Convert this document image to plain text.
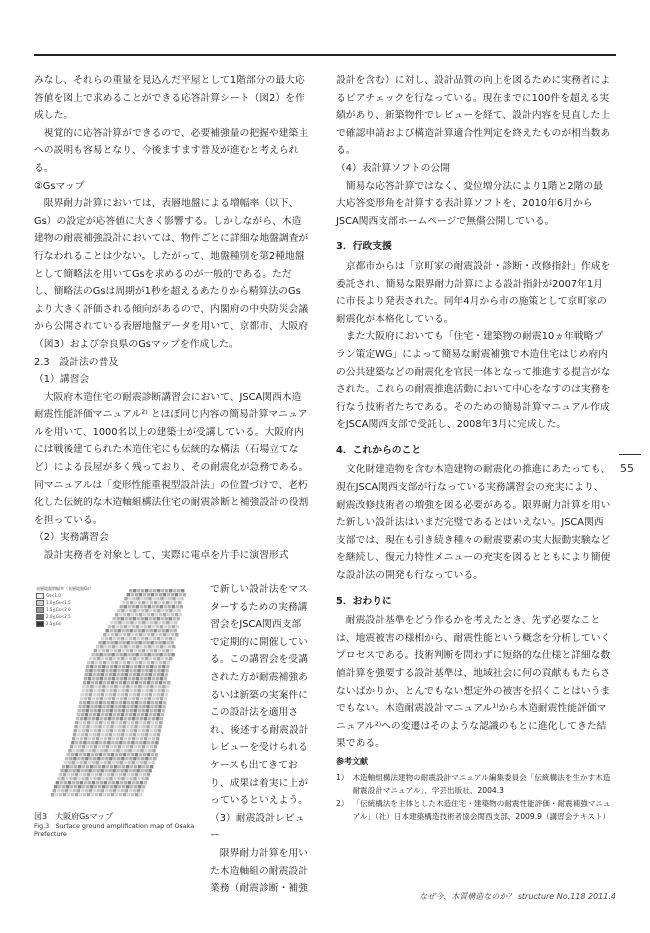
みなし、それらの重量を見込んだ平屋として1階部分の最大応答値を図上で求めることができる応答計算シート（図2）を作成した。

視覚的に応答計算ができるので、必要補強量の把握や建築主への説明も容易となり、今後ますます普及が進むと考えられる。

②Gsマップ

限界耐力計算においては、表層地盤による増幅率（以下、Gs）の設定が応答値に大きく影響する。しかしながら、木造建物の耐震補強設計においては、物件ごとに詳細な地盤調査が行なわれることは少ない。したがって、地盤種別を第2種地盤として簡略法を用いてGsを求めるのが一般的である。ただし、簡略法のGsは周期が1秒を超えるあたりから精算法のGsより大きく評価される傾向があるので、内閣府の中央防災会議から公開されている表層地盤データを用いて、京都市、大阪府（図3）および奈良県のGsマップを作成した。

2.3　設計法の普及

（1）講習会

大阪府木造住宅の耐震診断講習会において、JSCA関西木造耐震性能評価マニュアル²⁾ とほぼ同じ内容の簡易計算マニュアルを用いて、1000名以上の建築士が受講している。大阪府内には戦後建てられた木造住宅にも伝統的な構法（石場立てなど）による長屋が多く残っており、その耐震化が急務である。同マニュアルは「変形性能重視型設計法」の位置づけで、老朽化した伝統的な木造軸組構法住宅の耐震診断と補強設計の役割を担っている。

（2）実務講習会

設計実務者を対象として、実際に電卓を片手に演習形式

表層地盤増幅率（表層地盤Gs）
Gs<1.0
1.0≦Gs<1.5
1.5≦Gs<2.0
2.0≦Gs<2.5
2.5≦Gs
図3　大阪府Gsマップ
Fig.3　Surface ground amplification map of Osaka Prefecture

で新しい設計法をマスターするための実務講習会をJSCA関西支部で定期的に開催している。この講習会を受講された方が耐震補強あるいは新築の実案件にこの設計法を適用され、後述する耐震設計レビューを受けられるケースも出てきており、成果は着実に上がっているといえよう。

（3）耐震設計レビュー

限界耐力計算を用いた木造軸組の耐震設計業務（耐震診断・補強

設計を含む）に対し、設計品質の向上を図るために実務者によるピアチェックを行なっている。現在までに100件を超える実績があり、新築物件でレビューを経て、設計内容を見直した上で確認申請および構造計算適合性判定を終えたものが相当数ある。

（4）表計算ソフトの公開

簡易な応答計算ではなく、変位増分法により1階と2階の最大応答変形角を計算する表計算ソフトを、2010年6月からJSCA関西支部ホームページで無償公開している。

3．行政支援

京都市からは「京町家の耐震設計・診断・改修指針」作成を委託され、簡易な限界耐力計算による設計指針が2007年1月に市長より発表された。同年4月から市の施策として京町家の耐震化が本格化している。

また大阪府においても「住宅・建築物の耐震10ヵ年戦略プラン策定WG」によって簡易な耐震補強で木造住宅はじめ府内の公共建築などの耐震化を官民一体となって推進する提言がなされた。これらの耐震推進活動において中心をなすのは実務を行なう技術者たちである。そのための簡易計算マニュアル作成をJSCA関西支部で受託し、2008年3月に完成した。

4．これからのこと

文化財建造物を含む木造建物の耐震化の推進にあたっても、現在JSCA関西支部が行なっている実務講習会の充実により、耐震改修技術者の増強を図る必要がある。限界耐力計算を用いた新しい設計法はいまだ完璧であるとはいえない。JSCA関西支部では、現在も引き続き種々の耐震要素の実大振動実験などを継続し、復元力特性メニューの充実を図るとともにより簡便な設計法の開発も行なっている。

5．おわりに

耐震設計基準をどう作るかを考えたとき、先ず必要なことは、地震被害の様相から、耐震性能という概念を分析していくプロセスである。技術判断を問わずに短絡的な仕様と詳細な数値計算を強要する設計基準は、地域社会に何の貢献ももたらさないばかりか、とんでもない想定外の被害を招くことはいうまでもない。木造耐震設計マニュアル¹⁾から木造耐震性能評価マニュアル²⁾への変遷はそのような認識のもとに進化してきた結果である。

参考文献

1） 木造軸組構法建物の耐震設計マニュアル編集委員会「伝統構法を生かす木造耐震設計マニュアル」、学芸出版社、2004.3
2） 「伝統構法を主体とした木造住宅・建築物の耐震性能評価・耐震補強マニュアル」（社）日本建築構造技術者協会関西支部、2009.9（講習会テキスト）
55
なぜ今、木質構造なのか？ structure No.118 2011.4
